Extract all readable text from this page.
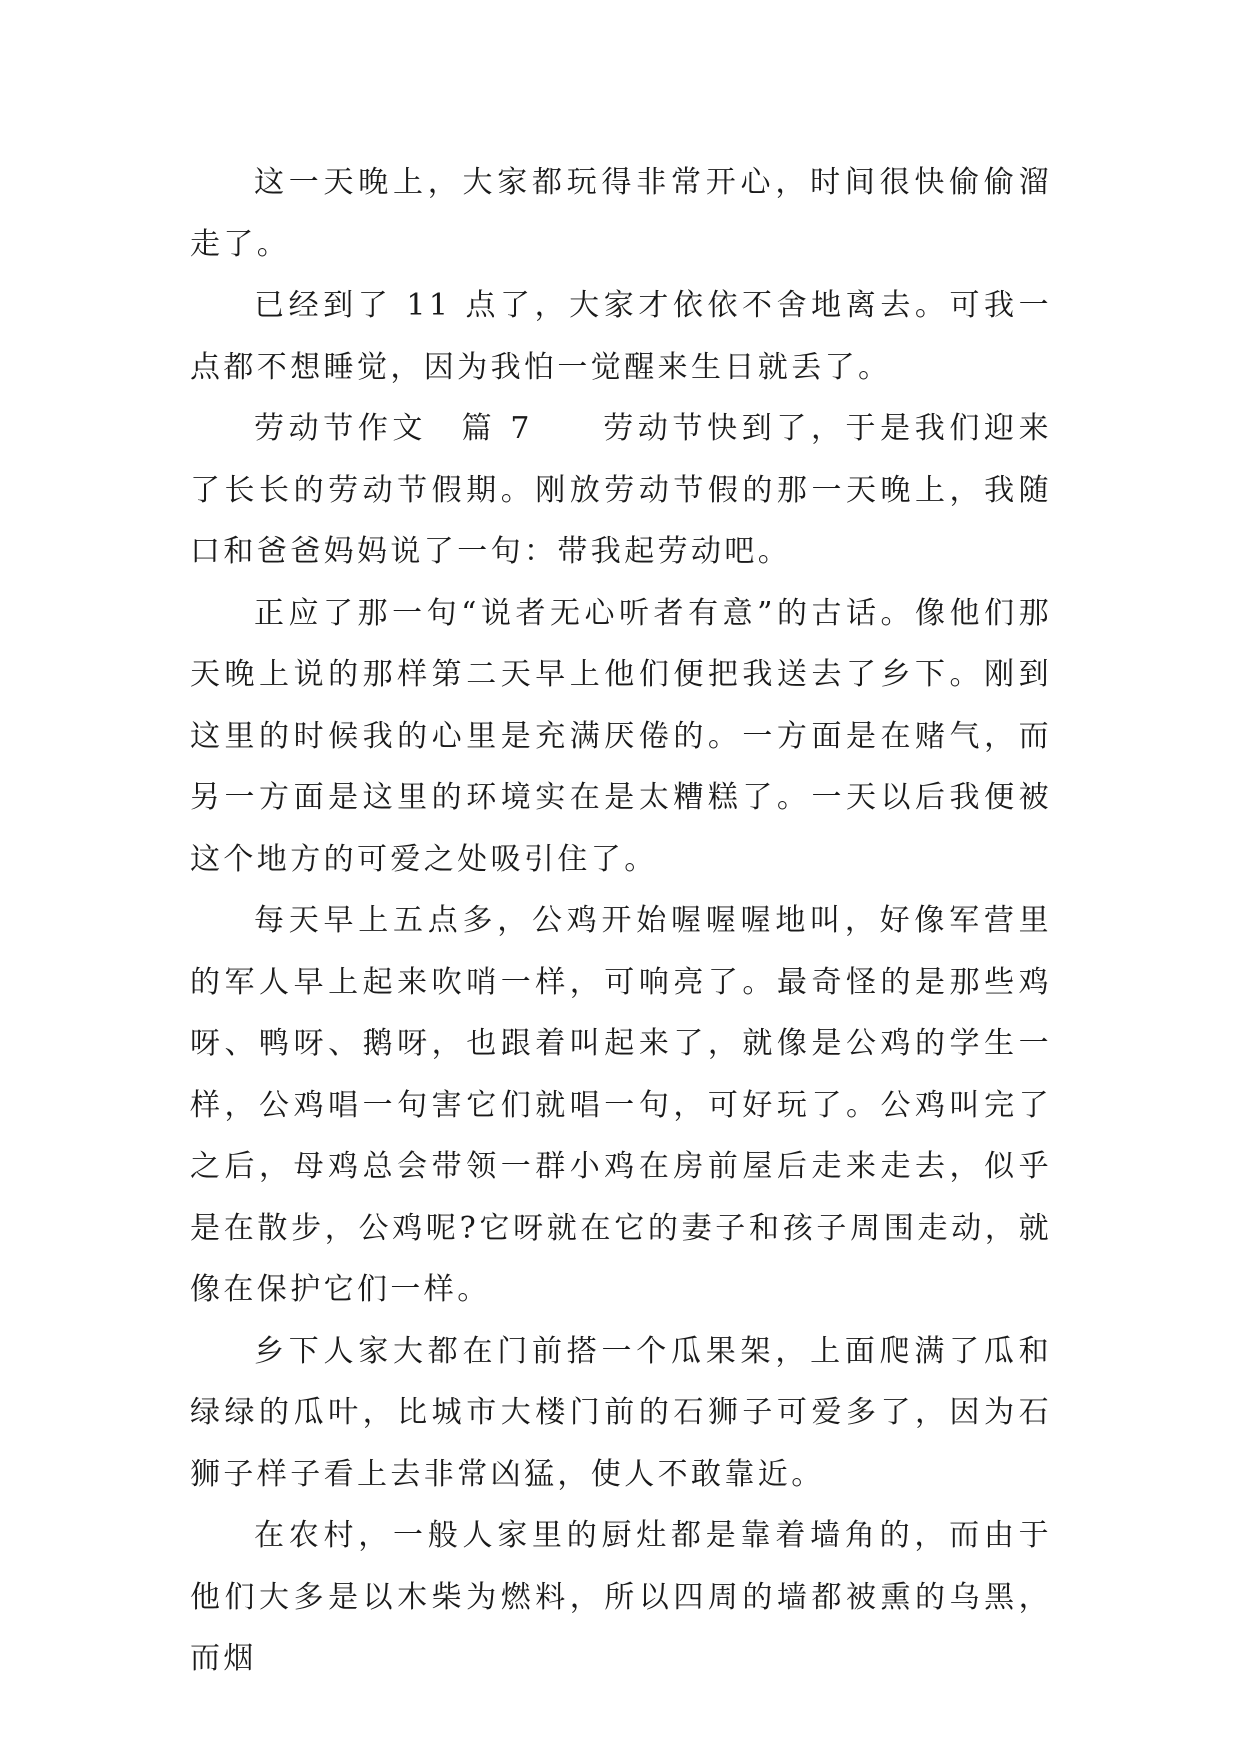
这一天晚上，大家都玩得非常开心，时间很快偷偷溜走了。

已经到了 11 点了，大家才依依不舍地离去。可我一点都不想睡觉，因为我怕一觉醒来生日就丢了。

劳动节作文　篇 7　　劳动节快到了，于是我们迎来了长长的劳动节假期。刚放劳动节假的那一天晚上，我随口和爸爸妈妈说了一句：带我起劳动吧。

正应了那一句“说者无心听者有意”的古话。像他们那天晚上说的那样第二天早上他们便把我送去了乡下。刚到这里的时候我的心里是充满厌倦的。一方面是在赌气，而另一方面是这里的环境实在是太糟糕了。一天以后我便被这个地方的可爱之处吸引住了。

每天早上五点多，公鸡开始喔喔喔地叫，好像军营里的军人早上起来吹哨一样，可响亮了。最奇怪的是那些鸡呀、鸭呀、鹅呀，也跟着叫起来了，就像是公鸡的学生一样，公鸡唱一句害它们就唱一句，可好玩了。公鸡叫完了之后，母鸡总会带领一群小鸡在房前屋后走来走去，似乎是在散步，公鸡呢?它呀就在它的妻子和孩子周围走动，就像在保护它们一样。

乡下人家大都在门前搭一个瓜果架，上面爬满了瓜和绿绿的瓜叶，比城市大楼门前的石狮子可爱多了，因为石狮子样子看上去非常凶猛，使人不敢靠近。

在农村，一般人家里的厨灶都是靠着墙角的，而由于他们大多是以木柴为燃料，所以四周的墙都被熏的乌黑，而烟
